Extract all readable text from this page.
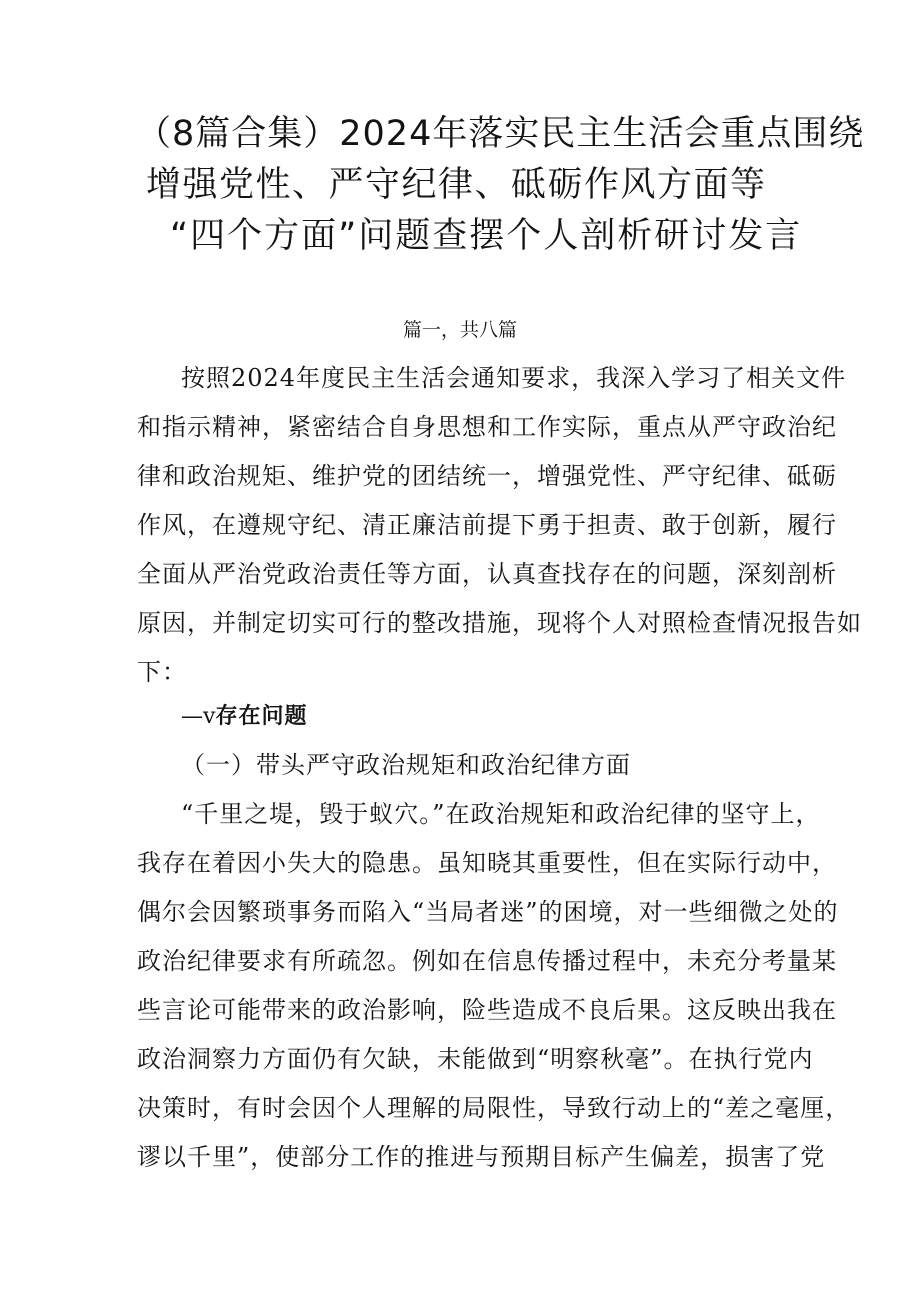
（8篇合集）2024年落实民主生活会重点围绕
增强党性、严守纪律、砥砺作风方面等
“四个方面”问题查摆个人剖析研讨发言
篇一，共八篇
按照2024年度民主生活会通知要求，我深入学习了相关文件
和指示精神，紧密结合自身思想和工作实际，重点从严守政治纪
律和政治规矩、维护党的团结统一，增强党性、严守纪律、砥砺
作风，在遵规守纪、清正廉洁前提下勇于担责、敢于创新，履行
全面从严治党政治责任等方面，认真查找存在的问题，深刻剖析
原因，并制定切实可行的整改措施，现将个人对照检查情况报告如
下：
—ᴠ存在问题
（一）带头严守政治规矩和政治纪律方面
“千里之堤，毁于蚁穴。”在政治规矩和政治纪律的坚守上，
我存在着因小失大的隐患。虽知晓其重要性，但在实际行动中，
偶尔会因繁琐事务而陷入“当局者迷”的困境，对一些细微之处的
政治纪律要求有所疏忽。例如在信息传播过程中，未充分考量某
些言论可能带来的政治影响，险些造成不良后果。这反映出我在
政治洞察力方面仍有欠缺，未能做到“明察秋毫”。在执行党内
决策时，有时会因个人理解的局限性，导致行动上的“差之毫厘，
谬以千里”，使部分工作的推进与预期目标产生偏差，损害了党
